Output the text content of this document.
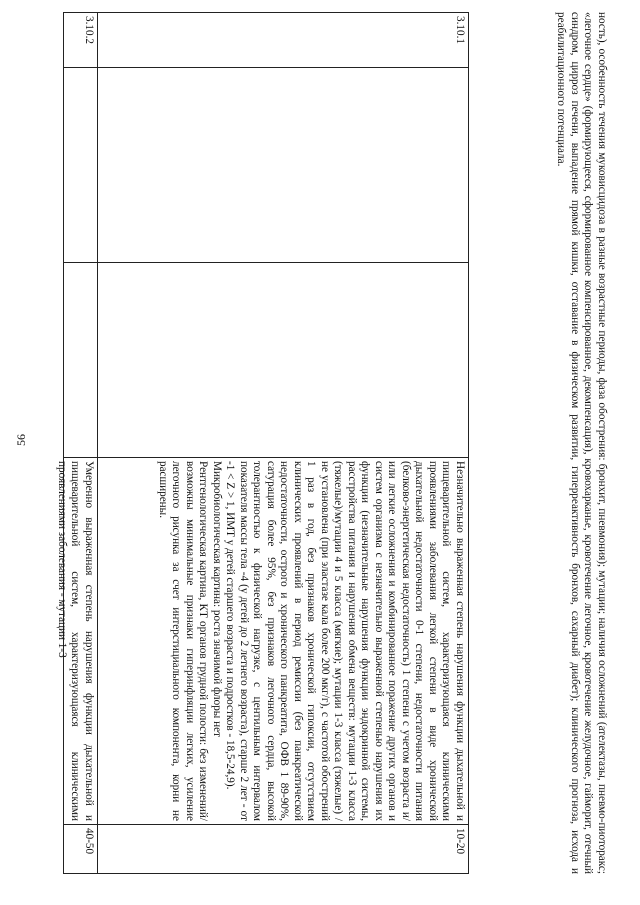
56	ность), особенность течения муковисцидоза в разные возрастные периоды, фаза обострения: бронхит, пневмония); мутации; наличия осложнений (ателектазы, пневмо-пиоторакс; «легочное сердце» (формирующееся, сформированное компенсированное, декомпенсация), кровохарканье, кровотечение легочное, кровотечение желудочное, гайморит, отечный синдром, цирроз печени, выпадение прямой кишки, отставание в физическом развитии, гиперреактивность бронхов, сахарный диабет); клинического прогноза, исхода и реабилитационного потенциала.
3.10.1			Незначительно выраженная степень нарушения функции дыхательной и пищеварительной систем, характеризующаяся клиническими проявлениями заболевания легкой степени в виде хронической дыхательной недостаточности 0-1 степени, недостаточности питания (белково-энергетическая недостаточность) 1 степени с учетом возраста и/или легкие осложнения и комбинированное поражение других органов и систем организма с незначительно выраженной степенью нарушения их функции (незначительные нарушения функции эндокринной системы, расстройства питания и нарушения обмена веществ: мутации 1-3 класса (тяжелые)/мутации 4 и 5 класса (мягкие); мутации 1-3 класса (тяжелые) / не установлена (при эластазе кала более 200 мкг/г), с частотой обострений 1 раз в год, без признаков хронической гипоксии, отсутствием клинических проявлений в период ремиссии (без панкреатической недостаточности, острого и хронического панкреатита, ОФВ 1 89-90%, сатурация более 95%, без признаков легочного сердца, высокой толерантностью к физической нагрузке, с центильным интервалом показателя массы тела -4 (у детей до 2 летнего возраста), старше 2 лет - от -1 < Z > 1, ИМТ у детей старшего возраста и подростков - 18,5-24,9).
Микробиологическая картина: роста значимой флоры нет
Рентгенологическая картина, КТ органов грудной полости: без изменений/возможны минимальные признаки гиперинфляции легких, усиление легочного рисунка за счет интерстициального компонента, корни не расширены.	10-20
3.10.2			Умеренно выраженная степень нарушения функции дыхательной и пищеварительной систем, характеризующаяся клиническими проявлениями заболевания - мутации 1-3	40-50
